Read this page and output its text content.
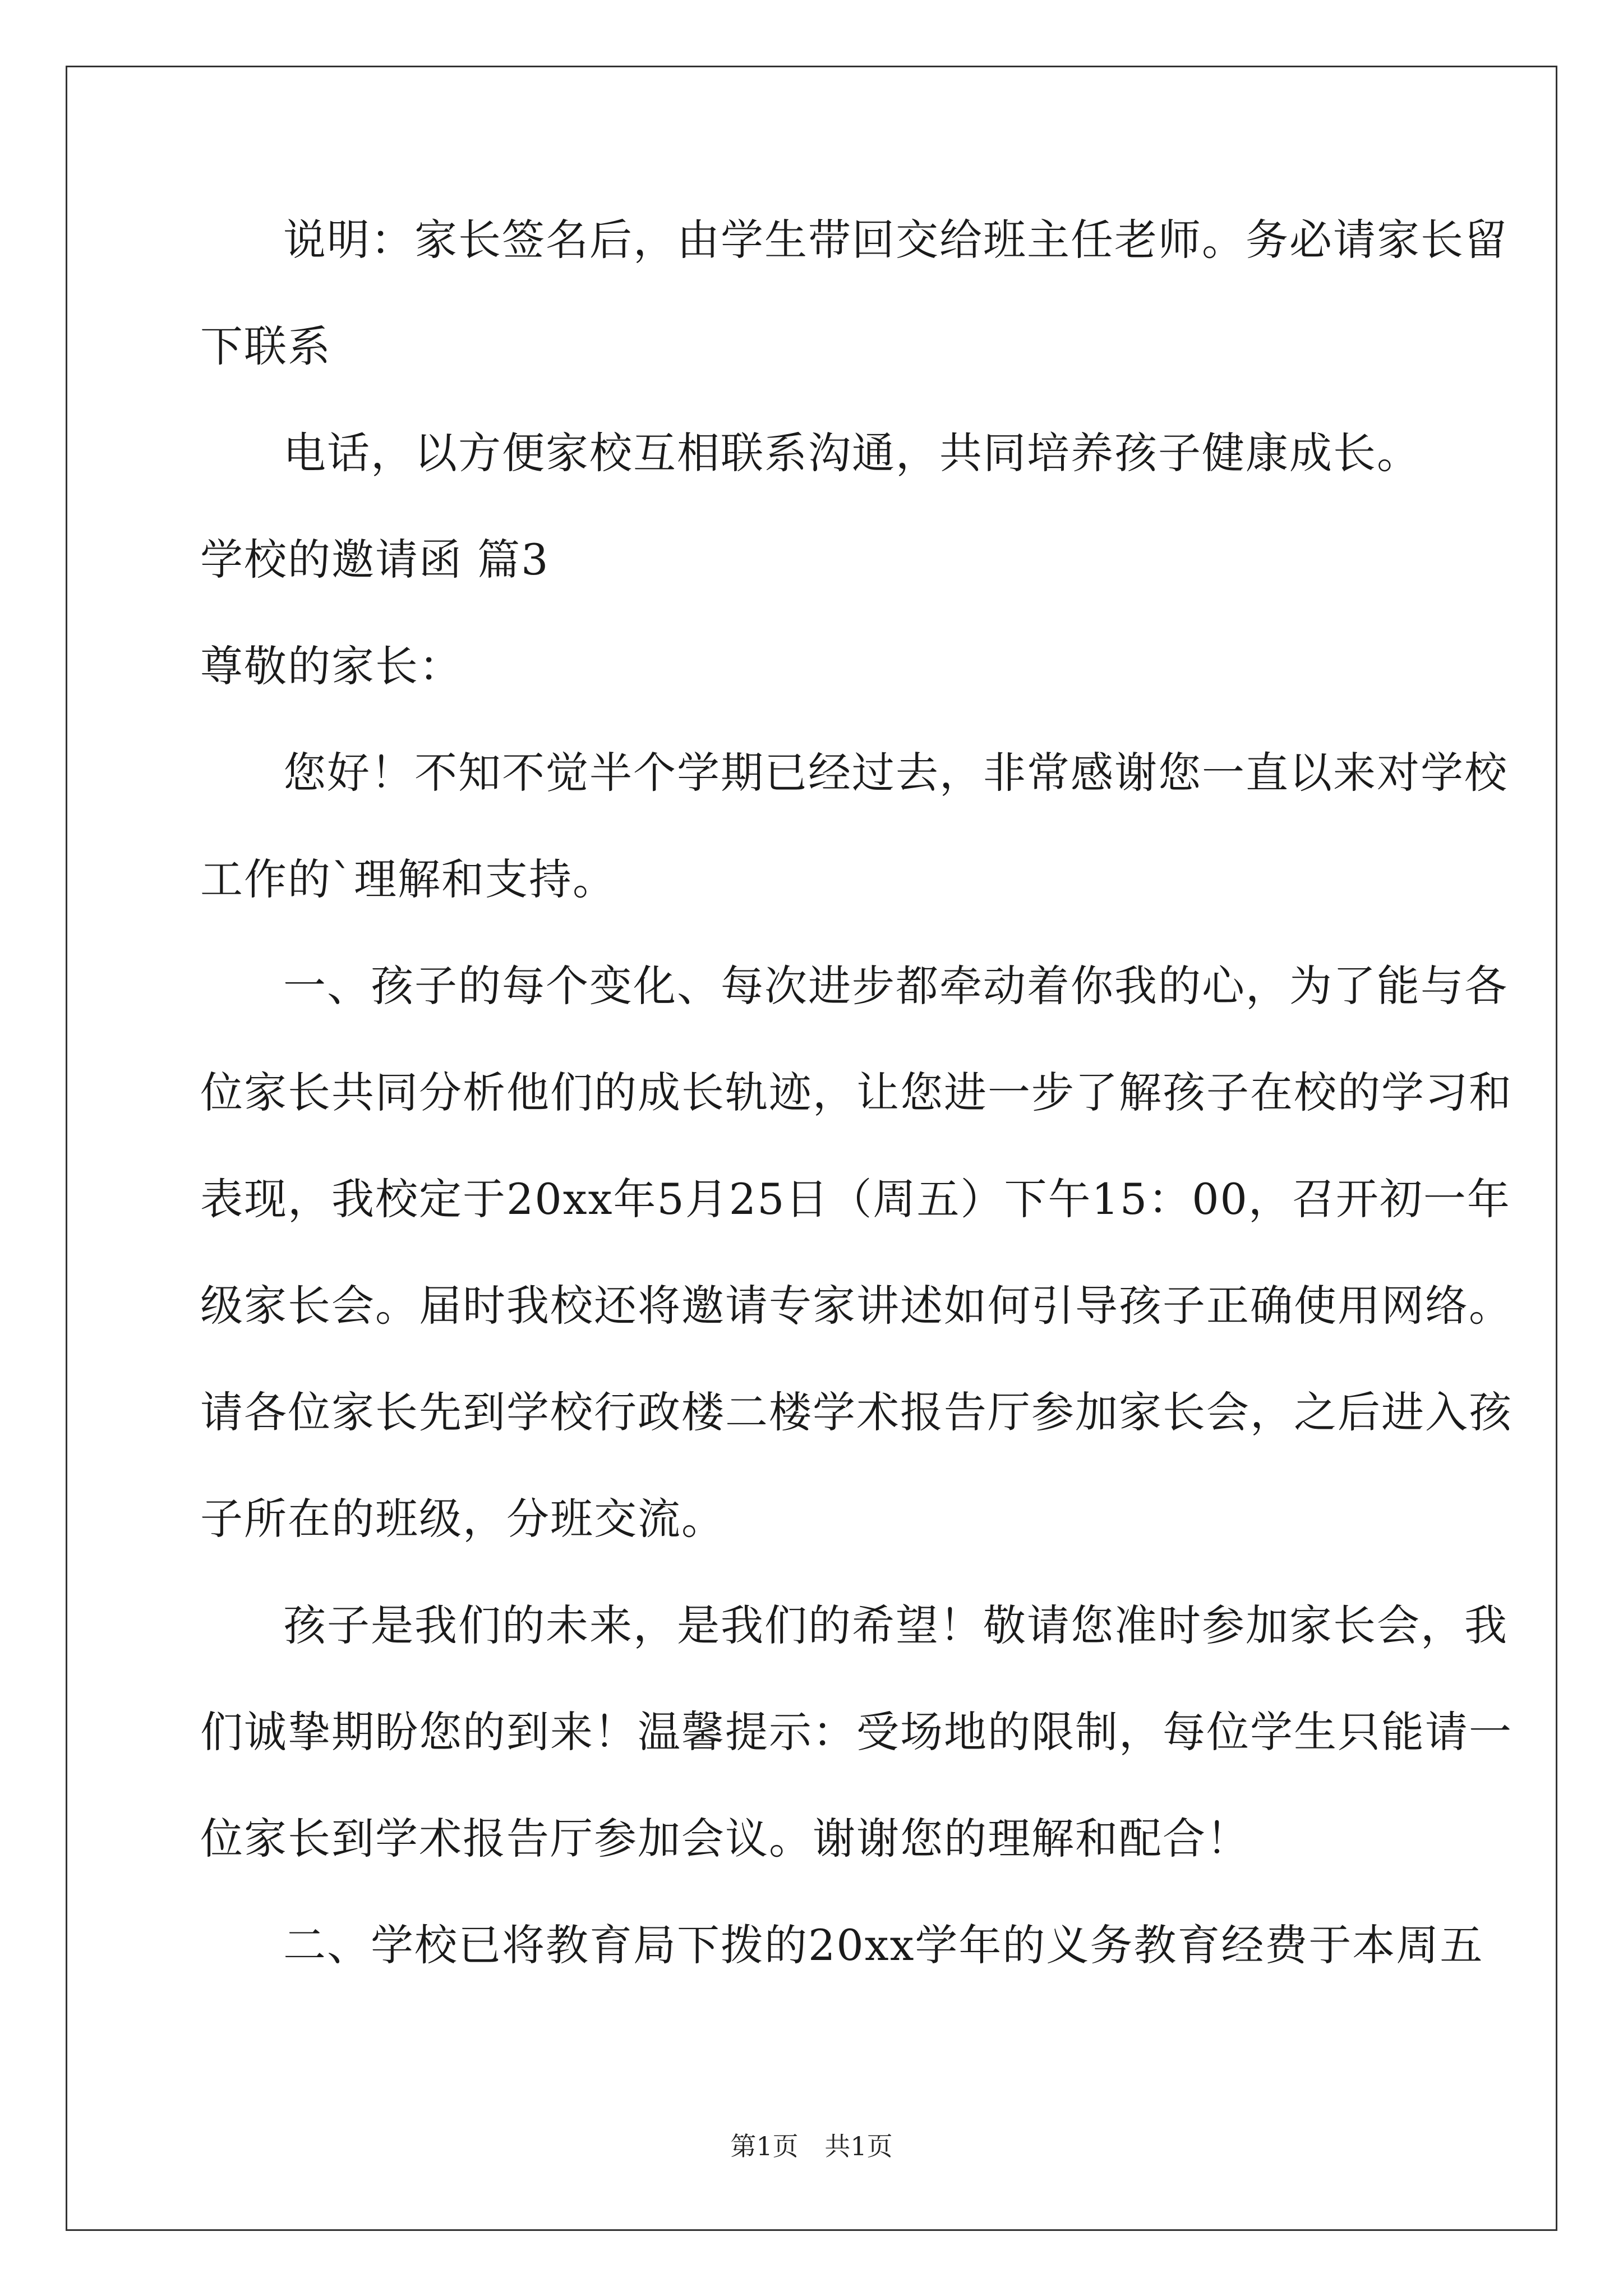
说明：家长签名后，由学生带回交给班主任老师。务必请家长留
下联系
电话，以方便家校互相联系沟通，共同培养孩子健康成长。
学校的邀请函 篇3
尊敬的家长：
您好！不知不觉半个学期已经过去，非常感谢您一直以来对学校
工作的`理解和支持。
一、孩子的每个变化、每次进步都牵动着你我的心，为了能与各
位家长共同分析他们的成长轨迹，让您进一步了解孩子在校的学习和
表现，我校定于20xx年5月25日（周五）下午15：00，召开初一年
级家长会。届时我校还将邀请专家讲述如何引导孩子正确使用网络。
请各位家长先到学校行政楼二楼学术报告厅参加家长会，之后进入孩
子所在的班级，分班交流。
孩子是我们的未来，是我们的希望！敬请您准时参加家长会，我
们诚挚期盼您的到来！温馨提示：受场地的限制，每位学生只能请一
位家长到学术报告厅参加会议。谢谢您的理解和配合！
二、学校已将教育局下拨的20xx学年的义务教育经费于本周五
第1页 共1页
